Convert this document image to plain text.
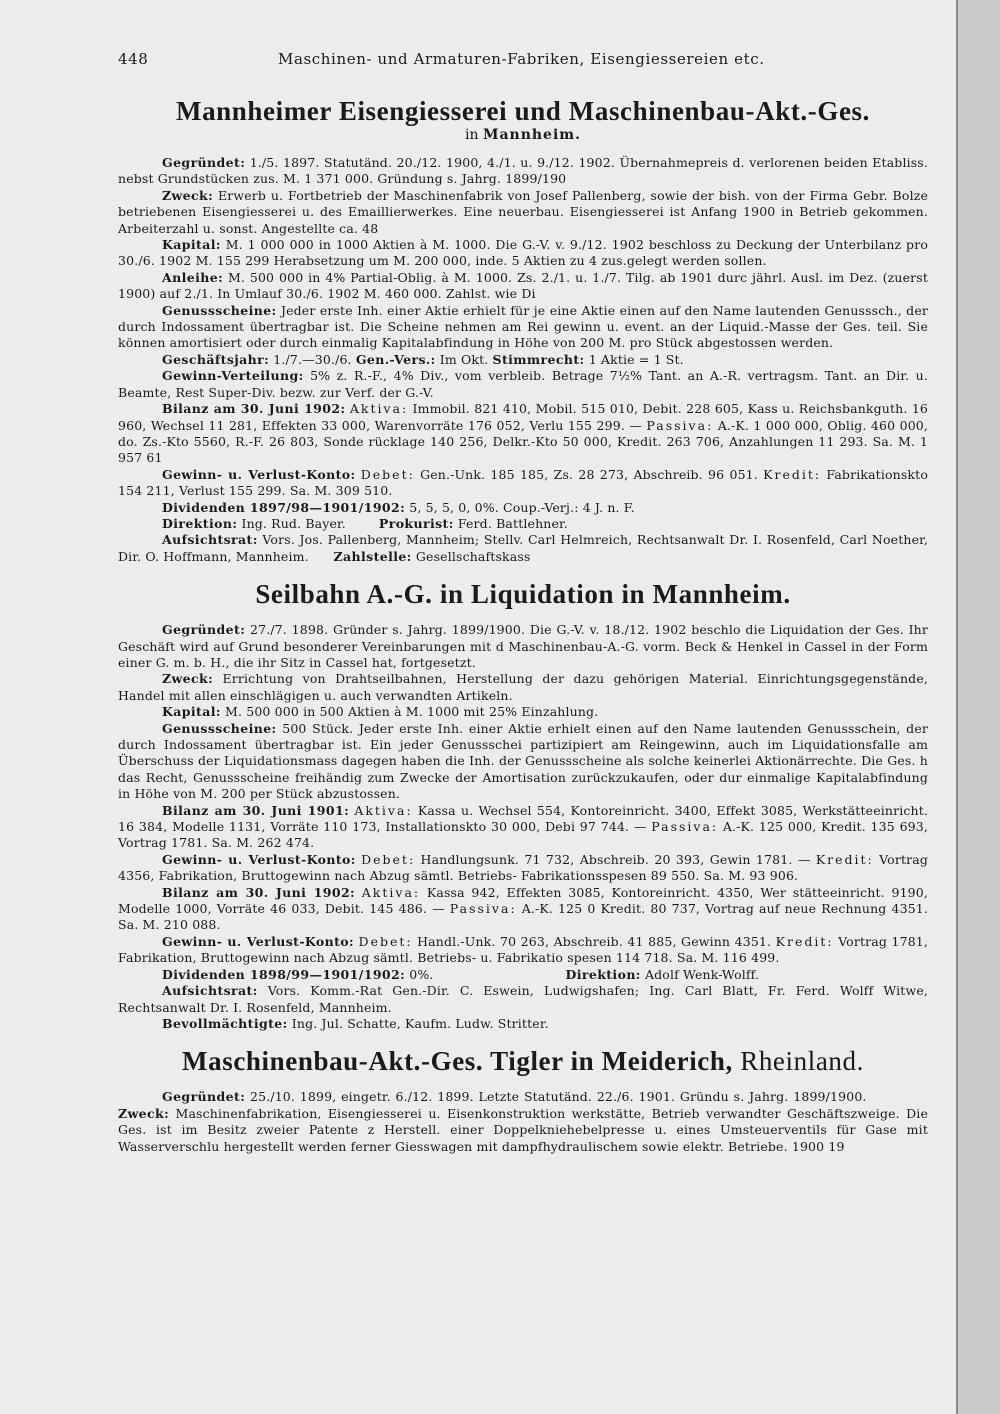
448	Maschinen- und Armaturen-Fabriken, Eisengiessereien etc.
Mannheimer Eisengiesserei und Maschinenbau-Akt.-Ges.
in Mannheim.

Gegründet: 1./5. 1897. Statutänd. 20./12. 1900, 4./1. u. 9./12. 1902. Übernahmepreis d. verlorenen beiden Etabliss. nebst Grundstücken zus. M. 1 371 000. Gründung s. Jahrg. 1899/190

Zweck: Erwerb u. Fortbetrieb der Maschinenfabrik von Josef Pallenberg, sowie der bish. von der Firma Gebr. Bolze betriebenen Eisengiesserei u. des Emaillierwerkes. Eine neuerbau. Eisengiesserei ist Anfang 1900 in Betrieb gekommen. Arbeiterzahl u. sonst. Angestellte ca. 48

Kapital: M. 1 000 000 in 1000 Aktien à M. 1000. Die G.-V. v. 9./12. 1902 beschloss zu Deckung der Unterbilanz pro 30./6. 1902 M. 155 299 Herabsetzung um M. 200 000, inde. 5 Aktien zu 4 zus.gelegt werden sollen.

Anleihe: M. 500 000 in 4% Partial-Oblig. à M. 1000. Zs. 2./1. u. 1./7. Tilg. ab 1901 durc jährl. Ausl. im Dez. (zuerst 1900) auf 2./1. In Umlauf 30./6. 1902 M. 460 000. Zahlst. wie Di

Genussscheine: Jeder erste Inh. einer Aktie erhielt für je eine Aktie einen auf den Name lautenden Genusssch., der durch Indossament übertragbar ist. Die Scheine nehmen am Rei gewinn u. event. an der Liquid.-Masse der Ges. teil. Sie können amortisiert oder durch einmalig Kapitalabfindung in Höhe von 200 M. pro Stück abgestossen werden.

Geschäftsjahr: 1./7.—30./6. Gen.-Vers.: Im Okt. Stimmrecht: 1 Aktie = 1 St.

Gewinn-Verteilung: 5% z. R.-F., 4% Div., vom verbleib. Betrage 7½% Tant. an A.-R. vertragsm. Tant. an Dir. u. Beamte, Rest Super-Div. bezw. zur Verf. der G.-V.

Bilanz am 30. Juni 1902: Aktiva: Immobil. 821 410, Mobil. 515 010, Debit. 228 605, Kass u. Reichsbankguth. 16 960, Wechsel 11 281, Effekten 33 000, Warenvorräte 176 052, Verlu 155 299. — Passiva: A.-K. 1 000 000, Oblig. 460 000, do. Zs.-Kto 5560, R.-F. 26 803, Sonde rücklage 140 256, Delkr.-Kto 50 000, Kredit. 263 706, Anzahlungen 11 293. Sa. M. 1 957 61

Gewinn- u. Verlust-Konto: Debet: Gen.-Unk. 185 185, Zs. 28 273, Abschreib. 96 051. Kredit: Fabrikationskto 154 211, Verlust 155 299. Sa. M. 309 510.

Dividenden 1897/98—1901/1902: 5, 5, 5, 0, 0%. Coup.-Verj.: 4 J. n. F.

Direktion: Ing. Rud. Bayer.	Prokurist: Ferd. Battlehner.

Aufsichtsrat: Vors. Jos. Pallenberg, Mannheim; Stellv. Carl Helmreich, Rechtsanwalt Dr. I. Rosenfeld, Carl Noether, Dir. O. Hoffmann, Mannheim. Zahlstelle: Gesellschaftskass

Seilbahn A.-G. in Liquidation in Mannheim.

Gegründet: 27./7. 1898. Gründer s. Jahrg. 1899/1900. Die G.-V. v. 18./12. 1902 beschlo die Liquidation der Ges. Ihr Geschäft wird auf Grund besonderer Vereinbarungen mit d Maschinenbau-A.-G. vorm. Beck & Henkel in Cassel in der Form einer G. m. b. H., die ihr Sitz in Cassel hat, fortgesetzt.

Zweck: Errichtung von Drahtseilbahnen, Herstellung der dazu gehörigen Material. Einrichtungsgegenstände, Handel mit allen einschlägigen u. auch verwandten Artikeln.

Kapital: M. 500 000 in 500 Aktien à M. 1000 mit 25% Einzahlung.

Genussscheine: 500 Stück. Jeder erste Inh. einer Aktie erhielt einen auf den Name lautenden Genussschein, der durch Indossament übertragbar ist. Ein jeder Genussschei partizipiert am Reingewinn, auch im Liquidationsfalle am Überschuss der Liquidationsmass dagegen haben die Inh. der Genussscheine als solche keinerlei Aktionärrechte. Die Ges. h das Recht, Genussscheine freihändig zum Zwecke der Amortisation zurückzukaufen, oder dur einmalige Kapitalabfindung in Höhe von M. 200 per Stück abzustossen.

Bilanz am 30. Juni 1901: Aktiva: Kassa u. Wechsel 554, Kontoreinricht. 3400, Effekt 3085, Werkstätteeinricht. 16 384, Modelle 1131, Vorräte 110 173, Installationskto 30 000, Debi 97 744. — Passiva: A.-K. 125 000, Kredit. 135 693, Vortrag 1781. Sa. M. 262 474.

Gewinn- u. Verlust-Konto: Debet: Handlungsunk. 71 732, Abschreib. 20 393, Gewin 1781. — Kredit: Vortrag 4356, Fabrikation, Bruttogewinn nach Abzug sämtl. Betriebs- Fabrikationsspesen 89 550. Sa. M. 93 906.

Bilanz am 30. Juni 1902: Aktiva: Kassa 942, Effekten 3085, Kontoreinricht. 4350, Wer stätteeinricht. 9190, Modelle 1000, Vorräte 46 033, Debit. 145 486. — Passiva: A.-K. 125 0 Kredit. 80 737, Vortrag auf neue Rechnung 4351. Sa. M. 210 088.

Gewinn- u. Verlust-Konto: Debet: Handl.-Unk. 70 263, Abschreib. 41 885, Gewinn 4351. Kredit: Vortrag 1781, Fabrikation, Bruttogewinn nach Abzug sämtl. Betriebs- u. Fabrikatio spesen 114 718. Sa. M. 116 499.

Dividenden 1898/99—1901/1902: 0%.	Direktion: Adolf Wenk-Wolff.

Aufsichtsrat: Vors. Komm.-Rat Gen.-Dir. C. Eswein, Ludwigshafen; Ing. Carl Blatt, Fr. Ferd. Wolff Witwe, Rechtsanwalt Dr. I. Rosenfeld, Mannheim.

Bevollmächtigte: Ing. Jul. Schatte, Kaufm. Ludw. Stritter.

Maschinenbau-Akt.-Ges. Tigler in Meiderich, Rheinland.

Gegründet: 25./10. 1899, eingetr. 6./12. 1899. Letzte Statutänd. 22./6. 1901. Gründu s. Jahrg. 1899/1900.              Zweck: Maschinenfabrikation, Eisengiesserei u. Eisenkonstruktion werkstätte, Betrieb verwandter Geschäftszweige. Die Ges. ist im Besitz zweier Patente z Herstell. einer Doppelkniehebelpresse u. eines Umsteuerventils für Gase mit Wasserverschlu hergestellt werden ferner Giesswagen mit dampfhydraulischem sowie elektr. Betriebe. 1900 19
